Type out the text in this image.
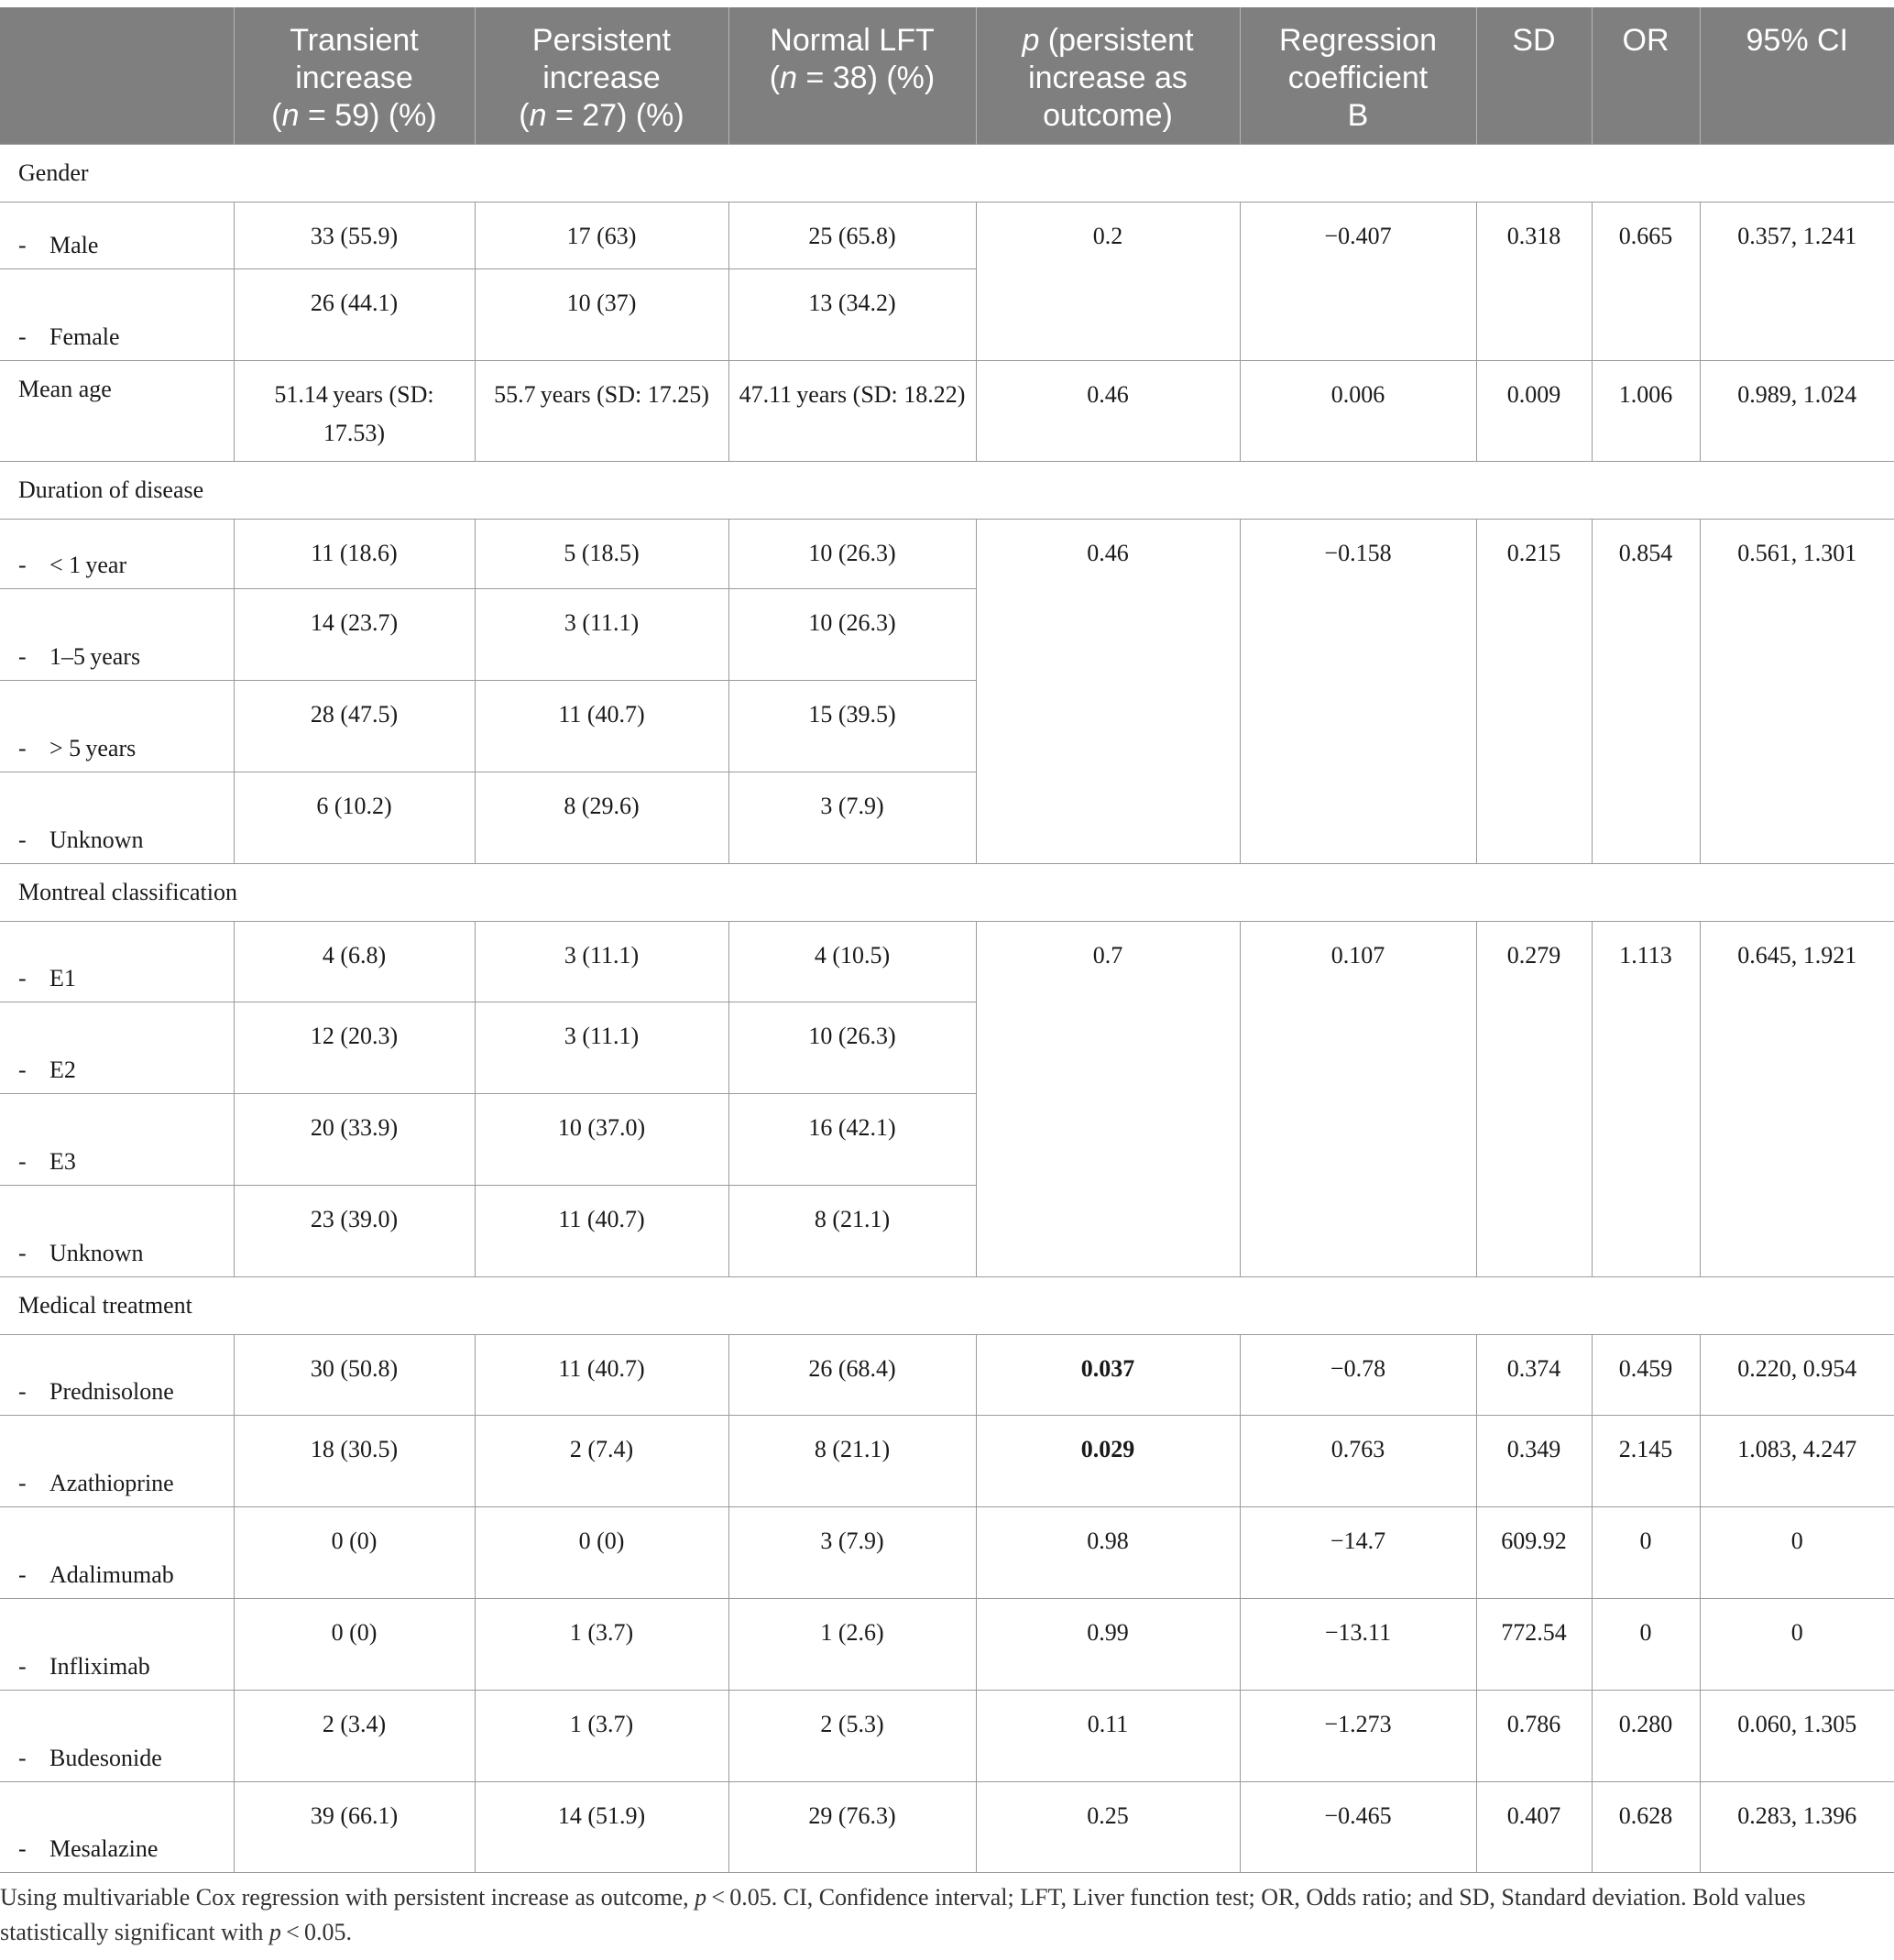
	Transient
increase
(n = 59) (%)	Persistent
increase
(n = 27) (%)	Normal LFT
(n = 38) (%)	p (persistent
increase as
outcome)	Regression
coefficient
B	SD	OR	95% CI
Gender								
- Male	33 (55.9)	17 (63)	25 (65.8)	0.2	−0.407	0.318	0.665	0.357, 1.241
- Female	26 (44.1)	10 (37)	13 (34.2)					
Mean age	51.14 years (SD: 17.53)	55.7 years (SD: 17.25)	47.11 years (SD: 18.22)	0.46	0.006	0.009	1.006	0.989, 1.024
Duration of disease								
- < 1 year	11 (18.6)	5 (18.5)	10 (26.3)	0.46	−0.158	0.215	0.854	0.561, 1.301
- 1–5 years	14 (23.7)	3 (11.1)	10 (26.3)					
- > 5 years	28 (47.5)	11 (40.7)	15 (39.5)					
- Unknown	6 (10.2)	8 (29.6)	3 (7.9)					
Montreal classification								
- E1	4 (6.8)	3 (11.1)	4 (10.5)	0.7	0.107	0.279	1.113	0.645, 1.921
- E2	12 (20.3)	3 (11.1)	10 (26.3)					
- E3	20 (33.9)	10 (37.0)	16 (42.1)					
- Unknown	23 (39.0)	11 (40.7)	8 (21.1)					
Medical treatment								
- Prednisolone	30 (50.8)	11 (40.7)	26 (68.4)	0.037	−0.78	0.374	0.459	0.220, 0.954
- Azathioprine	18 (30.5)	2 (7.4)	8 (21.1)	0.029	0.763	0.349	2.145	1.083, 4.247
- Adalimumab	0 (0)	0 (0)	3 (7.9)	0.98	−14.7	609.92	0	0
- Infliximab	0 (0)	1 (3.7)	1 (2.6)	0.99	−13.11	772.54	0	0
- Budesonide	2 (3.4)	1 (3.7)	2 (5.3)	0.11	−1.273	0.786	0.280	0.060, 1.305
- Mesalazine	39 (66.1)	14 (51.9)	29 (76.3)	0.25	−0.465	0.407	0.628	0.283, 1.396
Using multivariable Cox regression with persistent increase as outcome, p < 0.05. CI, Confidence interval; LFT, Liver function test; OR, Odds ratio; and SD, Standard deviation. Bold values statistically significant with p < 0.05.
